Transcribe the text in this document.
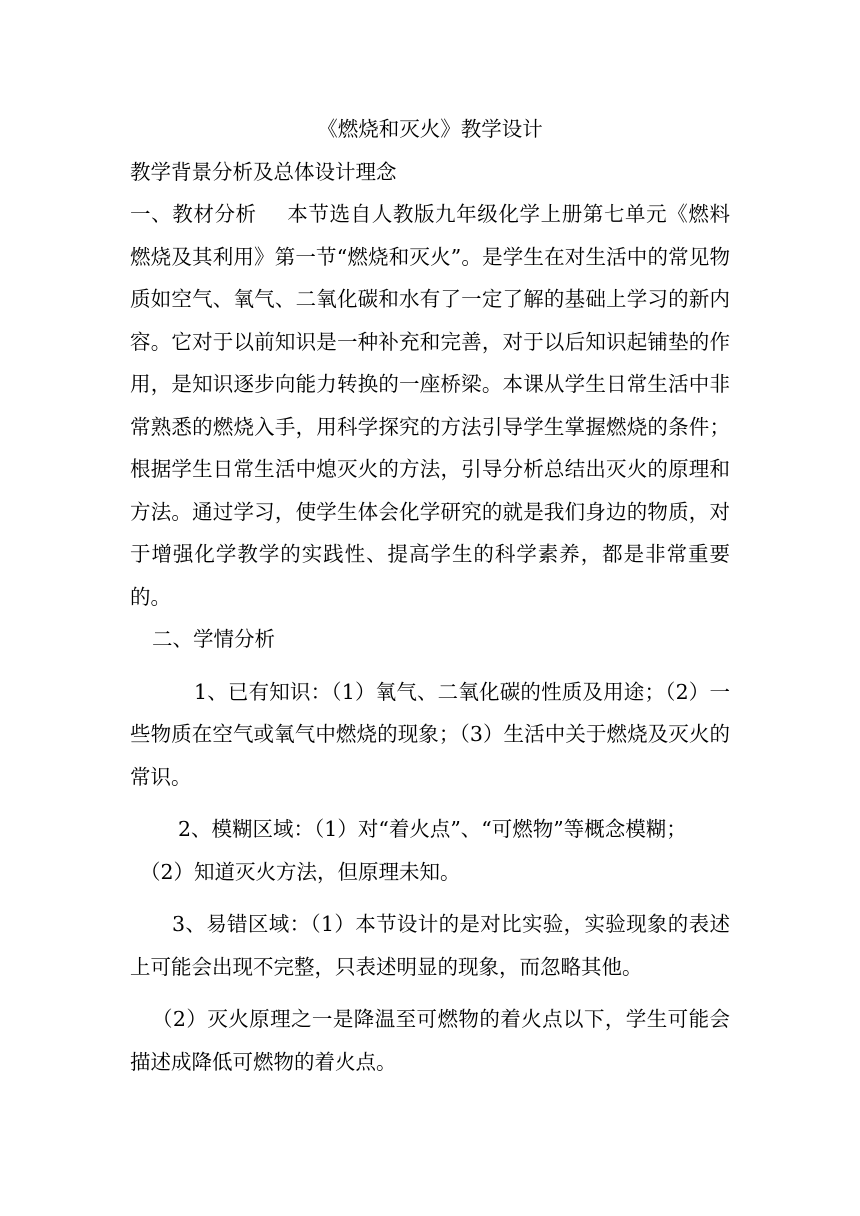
《燃烧和灭火》教学设计

教学背景分析及总体设计理念

一、教材分析 本节选自人教版九年级化学上册第七单元《燃料燃烧及其利用》第一节“燃烧和灭火”。是学生在对生活中的常见物质如空气、氧气、二氧化碳和水有了一定了解的基础上学习的新内容。它对于以前知识是一种补充和完善，对于以后知识起铺垫的作用，是知识逐步向能力转换的一座桥梁。本课从学生日常生活中非常熟悉的燃烧入手，用科学探究的方法引导学生掌握燃烧的条件；根据学生日常生活中熄灭火的方法，引导分析总结出灭火的原理和方法。通过学习，使学生体会化学研究的就是我们身边的物质，对于增强化学教学的实践性、提高学生的科学素养，都是非常重要的。

二、学情分析

1、已有知识：（1）氧气、二氧化碳的性质及用途；（2）一些物质在空气或氧气中燃烧的现象；（3）生活中关于燃烧及灭火的常识。

2、模糊区域：（1）对“着火点”、“可燃物”等概念模糊；

（2）知道灭火方法，但原理未知。

3、易错区域：（1）本节设计的是对比实验，实验现象的表述上可能会出现不完整，只表述明显的现象，而忽略其他。

（2）灭火原理之一是降温至可燃物的着火点以下，学生可能会描述成降低可燃物的着火点。
